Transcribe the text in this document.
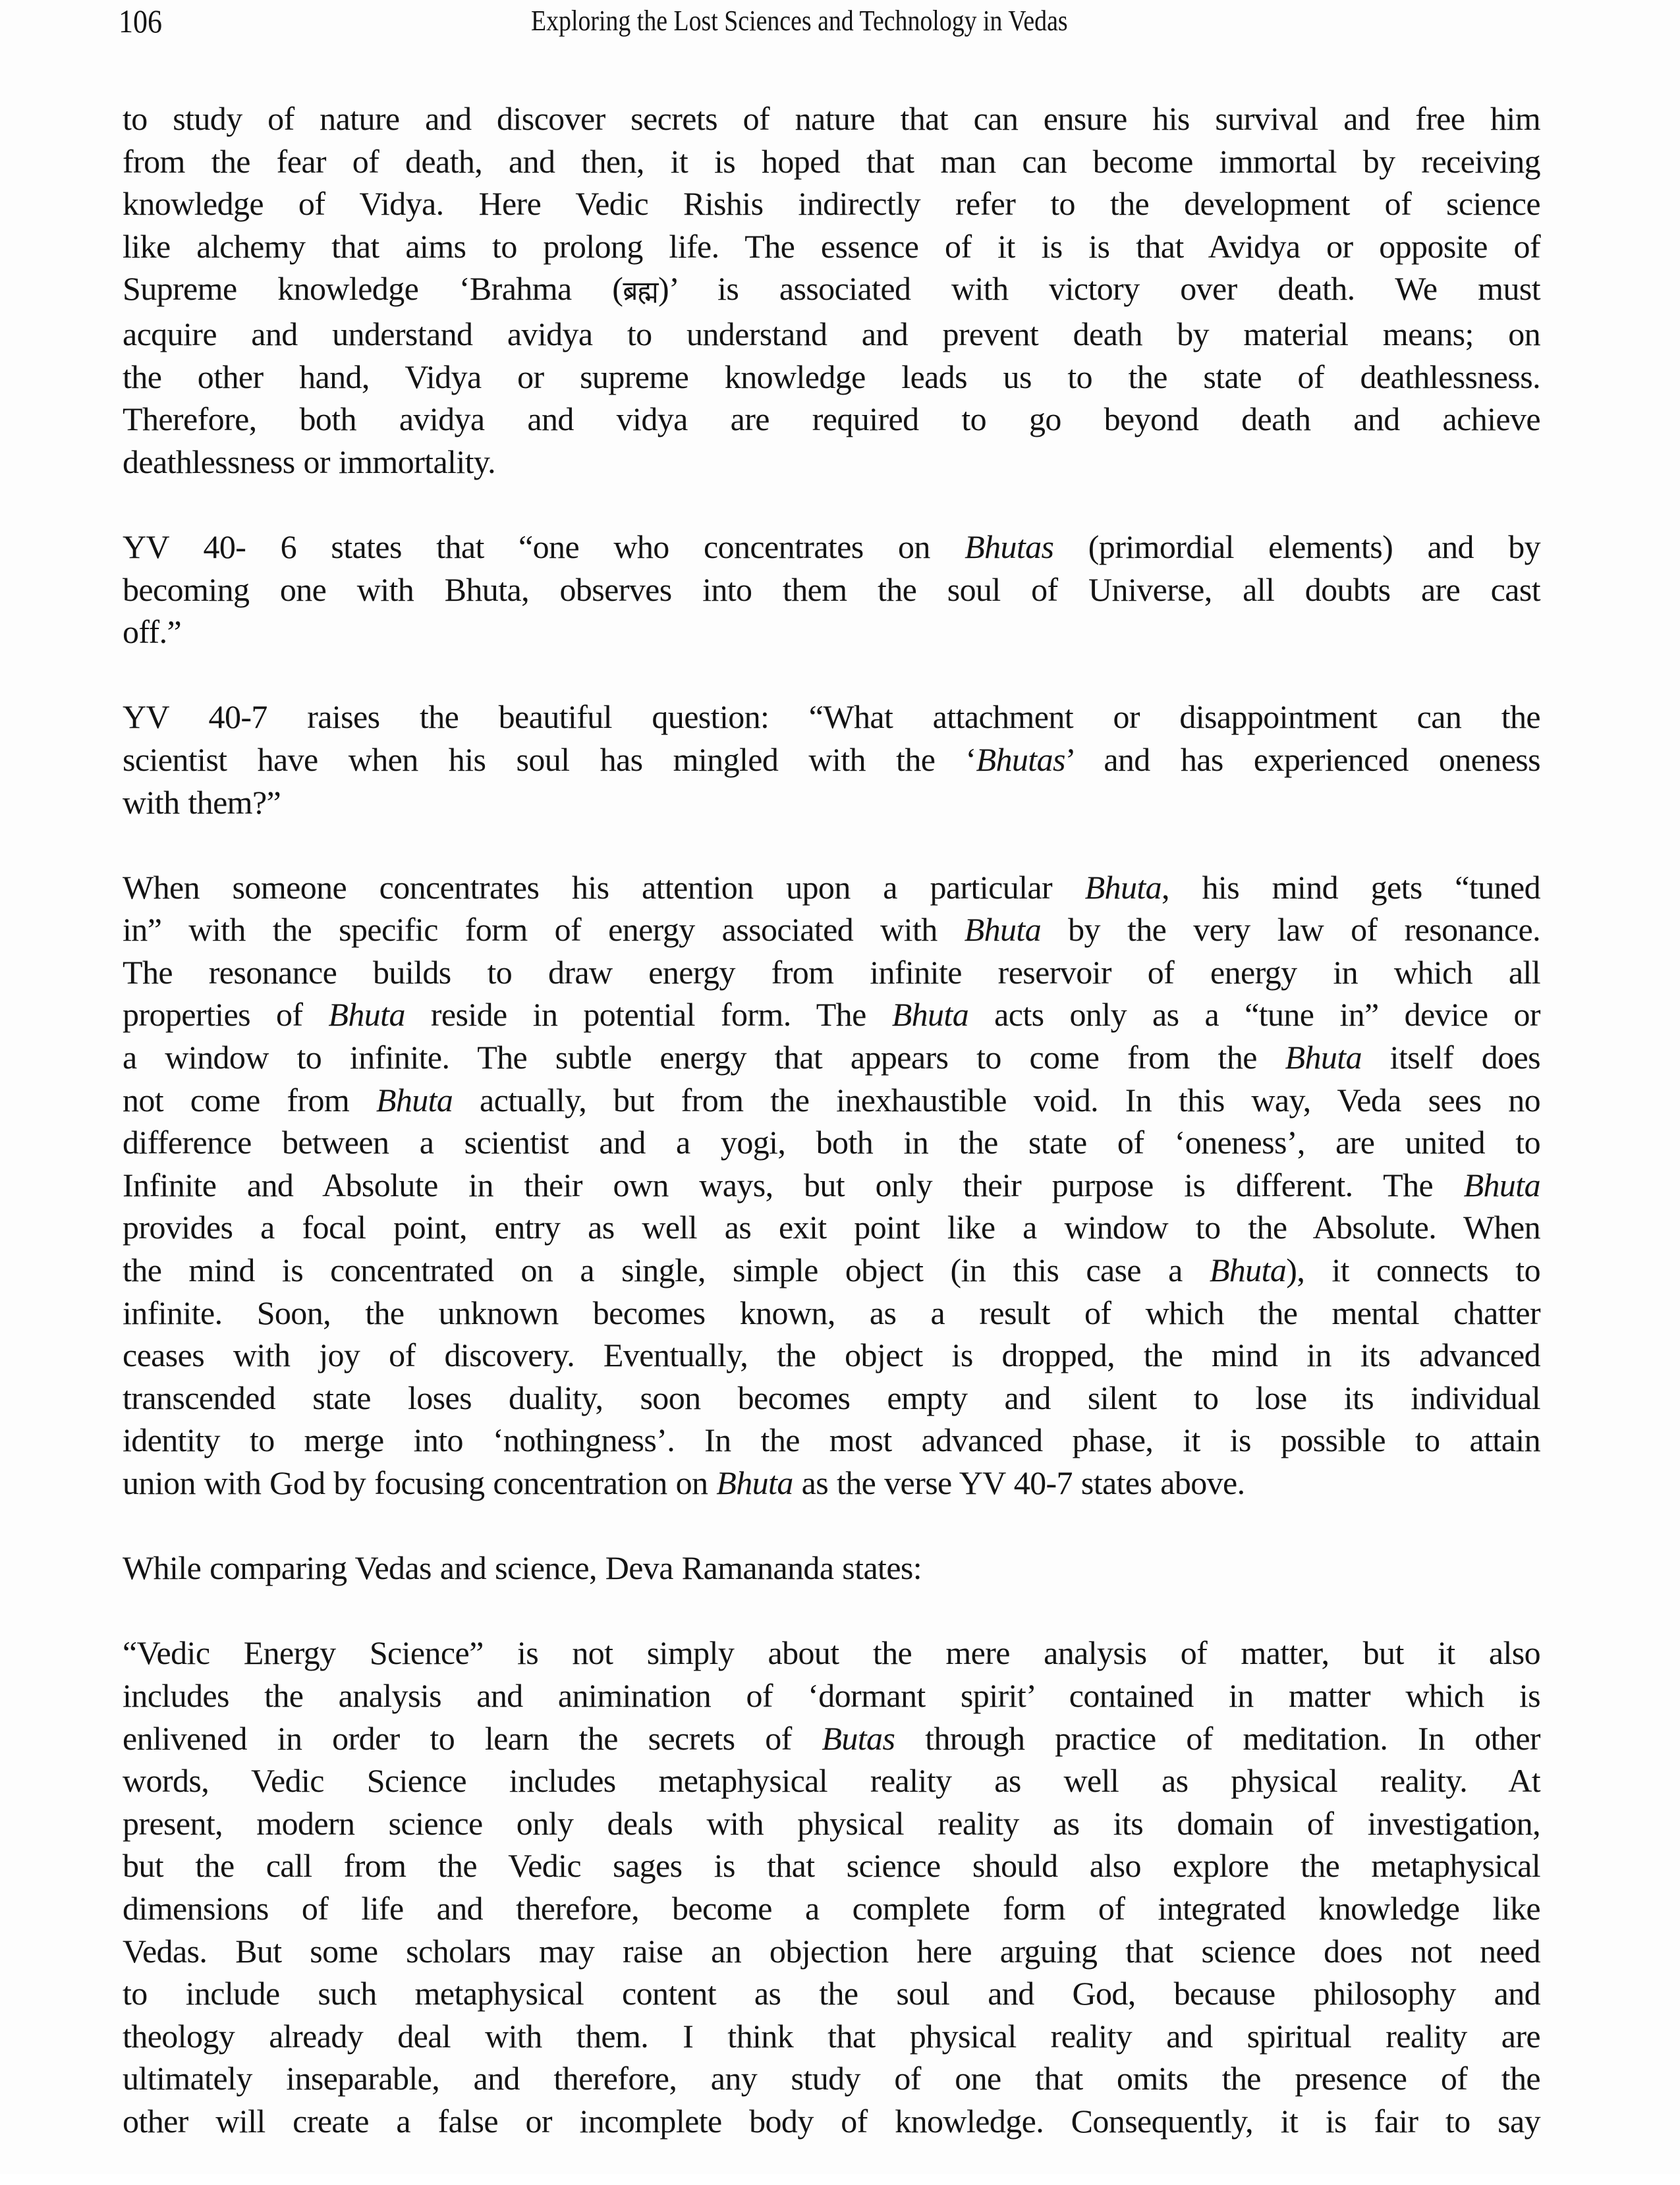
106	Exploring the Lost Sciences and Technology in Vedas

to study of nature and discover secrets of nature that can ensure his survival and free him
from the fear of death, and then, it is hoped that man can become immortal by receiving
knowledge of Vidya. Here Vedic Rishis indirectly refer to the development of science
like alchemy that aims to prolong life. The essence of it is is that Avidya or opposite of
Supreme knowledge ‘Brahma (ब्रह्म)’ is associated with victory over death. We must
acquire and understand avidya to understand and prevent death by material means; on
the other hand, Vidya or supreme knowledge leads us to the state of deathlessness.
Therefore, both avidya and vidya are required to go beyond death and achieve
deathlessness or immortality.

YV 40- 6 states that “one who concentrates on Bhutas (primordial elements) and by
becoming one with Bhuta, observes into them the soul of Universe, all doubts are cast
off.”

YV 40-7 raises the beautiful question: “What attachment or disappointment can the
scientist have when his soul has mingled with the ‘Bhutas’ and has experienced oneness
with them?”

When someone concentrates his attention upon a particular Bhuta, his mind gets “tuned
in” with the specific form of energy associated with Bhuta by the very law of resonance.
The resonance builds to draw energy from infinite reservoir of energy in which all
properties of Bhuta reside in potential form. The Bhuta acts only as a “tune in” device or
a window to infinite. The subtle energy that appears to come from the Bhuta itself does
not come from Bhuta actually, but from the inexhaustible void. In this way, Veda sees no
difference between a scientist and a yogi, both in the state of ‘oneness’, are united to
Infinite and Absolute in their own ways, but only their purpose is different. The Bhuta
provides a focal point, entry as well as exit point like a window to the Absolute. When
the mind is concentrated on a single, simple object (in this case a Bhuta), it connects to
infinite. Soon, the unknown becomes known, as a result of which the mental chatter
ceases with joy of discovery. Eventually, the object is dropped, the mind in its advanced
transcended state loses duality, soon becomes empty and silent to lose its individual
identity to merge into ‘nothingness’. In the most advanced phase, it is possible to attain
union with God by focusing concentration on Bhuta as the verse YV 40-7 states above.

While comparing Vedas and science, Deva Ramananda states:

“Vedic Energy Science” is not simply about the mere analysis of matter, but it also
includes the analysis and animination of ‘dormant spirit’ contained in matter which is
enlivened in order to learn the secrets of Butas through practice of meditation. In other
words, Vedic Science includes metaphysical reality as well as physical reality. At
present, modern science only deals with physical reality as its domain of investigation,
but the call from the Vedic sages is that science should also explore the metaphysical
dimensions of life and therefore, become a complete form of integrated knowledge like
Vedas. But some scholars may raise an objection here arguing that science does not need
to include such metaphysical content as the soul and God, because philosophy and
theology already deal with them. I think that physical reality and spiritual reality are
ultimately inseparable, and therefore, any study of one that omits the presence of the
other will create a false or incomplete body of knowledge. Consequently, it is fair to say
